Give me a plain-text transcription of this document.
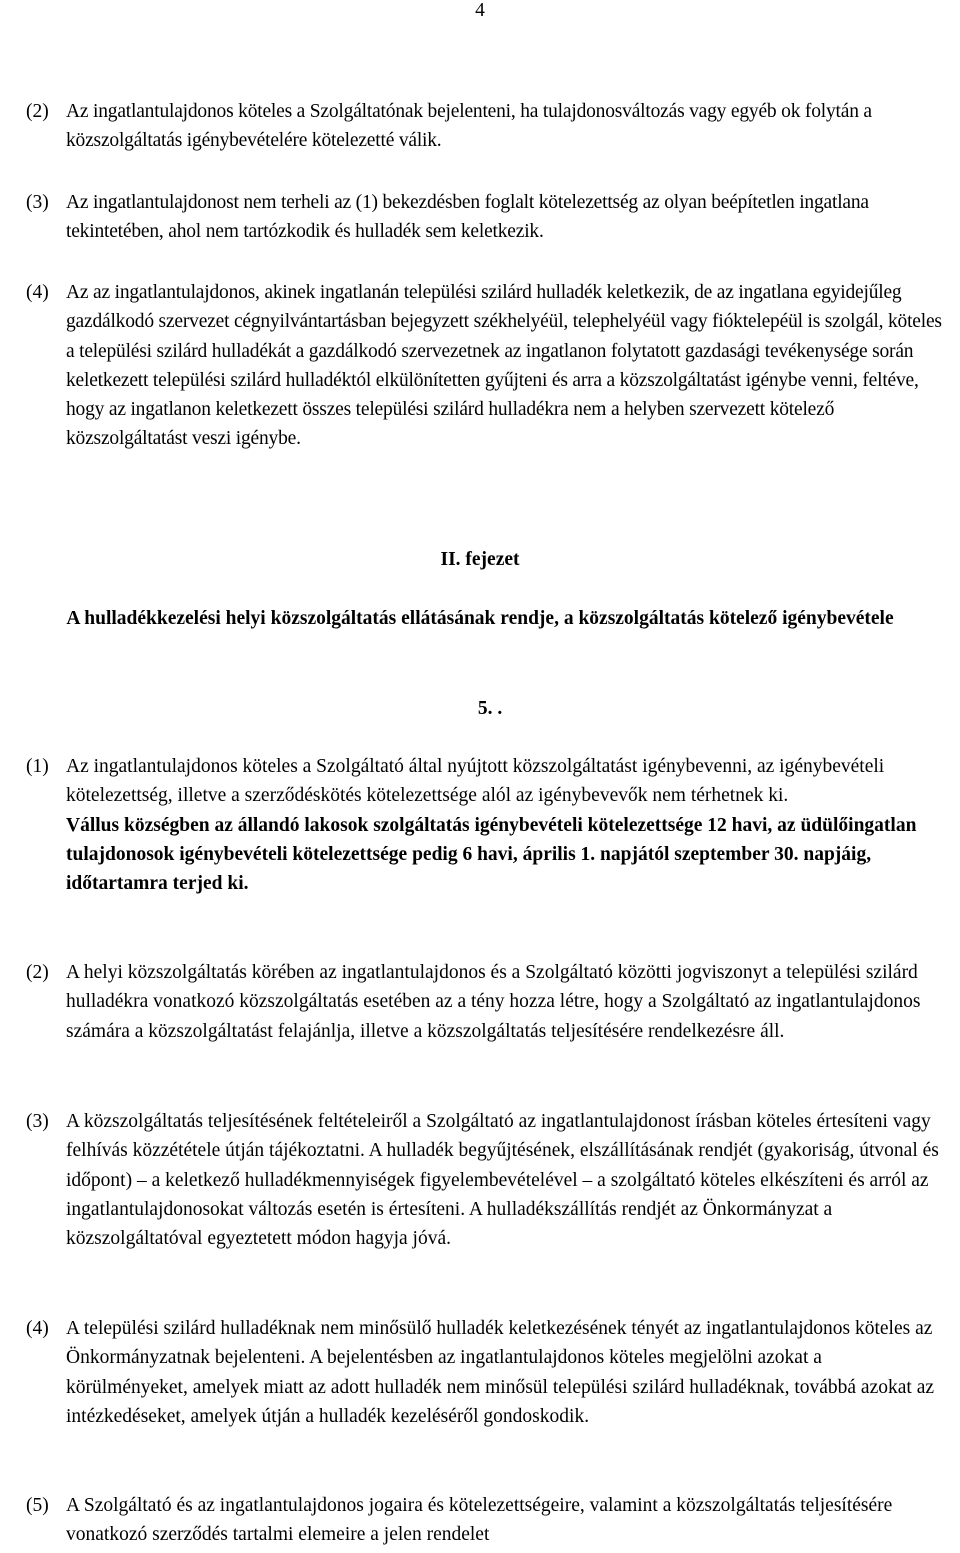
4
(2) Az ingatlantulajdonos köteles a Szolgáltatónak bejelenteni, ha tulajdonosváltozás vagy egyéb ok folytán a közszolgáltatás igénybevételére kötelezetté válik.
(3) Az ingatlantulajdonost nem terheli az (1) bekezdésben foglalt kötelezettség az olyan beépítetlen ingatlana tekintetében, ahol nem tartózkodik és hulladék sem keletkezik.
(4) Az az ingatlantulajdonos, akinek ingatlanán települési szilárd hulladék keletkezik, de az ingatlana egyidejűleg gazdálkodó szervezet cégnyilvántartásban bejegyzett székhelyéül, telephelyéül vagy fióktelepéül is szolgál, köteles a települési szilárd hulladékát a gazdálkodó szervezetnek az ingatlanon folytatott gazdasági tevékenysége során keletkezett települési szilárd hulladéktól elkülönítetten gyűjteni és arra a közszolgáltatást igénybe venni, feltéve, hogy az ingatlanon keletkezett összes települési szilárd hulladékra nem a helyben szervezett kötelező közszolgáltatást veszi igénybe.
II. fejezet
A hulladékkezelési helyi közszolgáltatás ellátásának rendje, a közszolgáltatás kötelező igénybevétele
5. .
(1) Az ingatlantulajdonos köteles a Szolgáltató által nyújtott közszolgáltatást igénybevenni, az igénybevételi kötelezettség, illetve a szerződéskötés kötelezettsége alól az igénybevevők nem térhetnek ki.
Vállus községben az állandó lakosok szolgáltatás igénybevételi kötelezettsége 12 havi, az üdülőingatlan tulajdonosok igénybevételi kötelezettsége pedig 6 havi, április 1. napjától szeptember 30. napjáig, időtartamra terjed ki.
(2) A helyi közszolgáltatás körében az ingatlantulajdonos és a Szolgáltató közötti jogviszonyt a települési szilárd hulladékra vonatkozó közszolgáltatás esetében az a tény hozza létre, hogy a Szolgáltató az ingatlantulajdonos számára a közszolgáltatást felajánlja, illetve a közszolgáltatás teljesítésére rendelkezésre áll.
(3) A közszolgáltatás teljesítésének feltételeiről a Szolgáltató az ingatlantulajdonost írásban köteles értesíteni vagy felhívás közzététele útján tájékoztatni. A hulladék begyűjtésének, elszállításának rendjét (gyakoriság, útvonal és időpont) – a keletkező hulladékmennyiségek figyelembevételével – a szolgáltató köteles elkészíteni és arról az ingatlantulajdonosokat változás esetén is értesíteni. A hulladékszállítás rendjét az Önkormányzat a közszolgáltatóval egyeztetett módon hagyja jóvá.
(4) A települési szilárd hulladéknak nem minősülő hulladék keletkezésének tényét az ingatlantulajdonos köteles az Önkormányzatnak bejelenteni. A bejelentésben az ingatlantulajdonos köteles megjelölni azokat a körülményeket, amelyek miatt az adott hulladék nem minősül települési szilárd hulladéknak, továbbá azokat az intézkedéseket, amelyek útján a hulladék kezeléséről gondoskodik.
(5) A Szolgáltató és az ingatlantulajdonos jogaira és kötelezettségeire, valamint a közszolgáltatás teljesítésére vonatkozó szerződés tartalmi elemeire a jelen rendelet
